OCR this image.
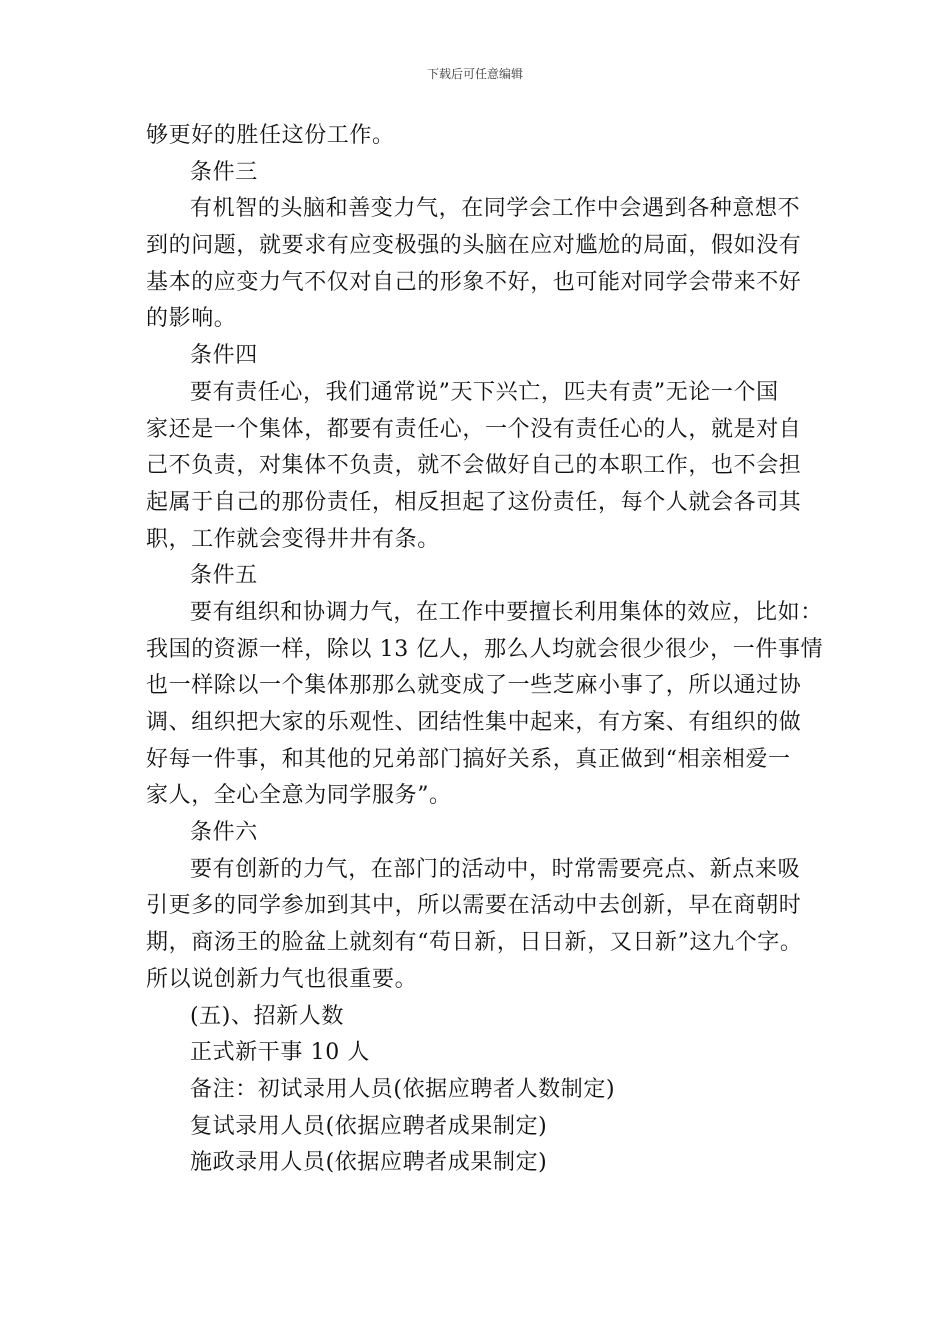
下载后可任意编辑
够更好的胜任这份工作。
条件三
有机智的头脑和善变力气，在同学会工作中会遇到各种意想不
到的问题，就要求有应变极强的头脑在应对尴尬的局面，假如没有
基本的应变力气不仅对自己的形象不好，也可能对同学会带来不好
的影响。
条件四
要有责任心，我们通常说”天下兴亡，匹夫有责”无论一个国
家还是一个集体，都要有责任心，一个没有责任心的人，就是对自
己不负责，对集体不负责，就不会做好自己的本职工作，也不会担
起属于自己的那份责任，相反担起了这份责任，每个人就会各司其
职，工作就会变得井井有条。
条件五
要有组织和协调力气，在工作中要擅长利用集体的效应，比如：
我国的资源一样，除以 13 亿人，那么人均就会很少很少，一件事情
也一样除以一个集体那那么就变成了一些芝麻小事了，所以通过协
调、组织把大家的乐观性、团结性集中起来，有方案、有组织的做
好每一件事，和其他的兄弟部门搞好关系，真正做到“相亲相爱一
家人，全心全意为同学服务”。
条件六
要有创新的力气，在部门的活动中，时常需要亮点、新点来吸
引更多的同学参加到其中，所以需要在活动中去创新，早在商朝时
期，商汤王的脸盆上就刻有“苟日新，日日新，又日新”这九个字。
所以说创新力气也很重要。
(五)、招新人数
正式新干事 10 人
备注：初试录用人员(依据应聘者人数制定)
复试录用人员(依据应聘者成果制定)
施政录用人员(依据应聘者成果制定)
